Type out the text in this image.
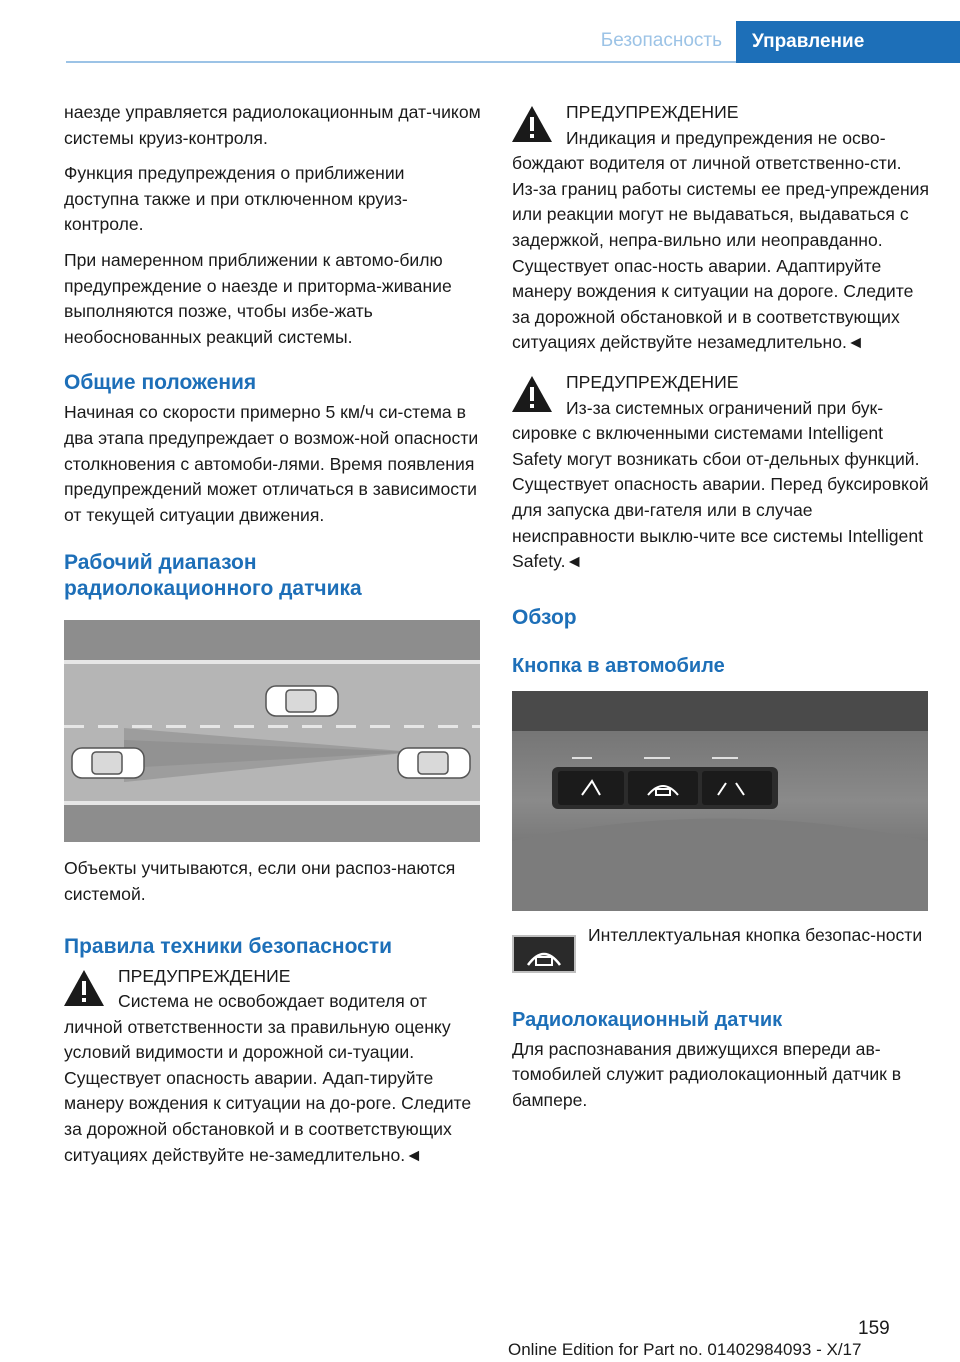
Безопасность	Управление

наезде управляется радиолокационным дат-чиком системы круиз-контроля.

Функция предупреждения о приближении доступна также и при отключенном круиз-контроле.

При намеренном приближении к автомо-билю предупреждение о наезде и приторма-живание выполняются позже, чтобы избе-жать необоснованных реакций системы.

Общие положения

Начиная со скорости примерно 5 км/ч си-стема в два этапа предупреждает о возмож-ной опасности столкновения с автомоби-лями. Время появления предупреждений может отличаться в зависимости от текущей ситуации движения.

Рабочий диапазон
радиолокационного датчика

Объекты учитываются, если они распоз-наются системой.

Правила техники безопасности
ПРЕДУПРЕЖДЕНИЕ
Система не освобождает водителя от
личной ответственности за правильную оценку условий видимости и дорожной си-туации. Существует опасность аварии. Адап-тируйте манеру вождения к ситуации на до-роге. Следите за дорожной обстановкой и в соответствующих ситуациях действуйте не-замедлительно.◄
ПРЕДУПРЕЖДЕНИЕ
Индикация и предупреждения не осво-
бождают водителя от личной ответственно-сти. Из-за границ работы системы ее пред-упреждения или реакции могут не выдаваться, выдаваться с задержкой, непра-вильно или неоправданно. Существует опас-ность аварии. Адаптируйте манеру вождения к ситуации на дороге. Следите за дорожной обстановкой и в соответствующих ситуациях действуйте незамедлительно.◄
ПРЕДУПРЕЖДЕНИЕ
Из-за системных ограничений при бук-
сировке с включенными системами Intelligent Safety могут возникать сбои от-дельных функций. Существует опасность аварии. Перед буксировкой для запуска дви-гателя или в случае неисправности выклю-чите все системы Intelligent Safety.◄
Обзор
Кнопка в автомобиле
Интеллектуальная кнопка безопас-ности
Радиолокационный датчик

Для распознавания движущихся впереди ав-томобилей служит радиолокационный датчик в бампере.

159
Online Edition for Part no. 01402984093 - X/17
